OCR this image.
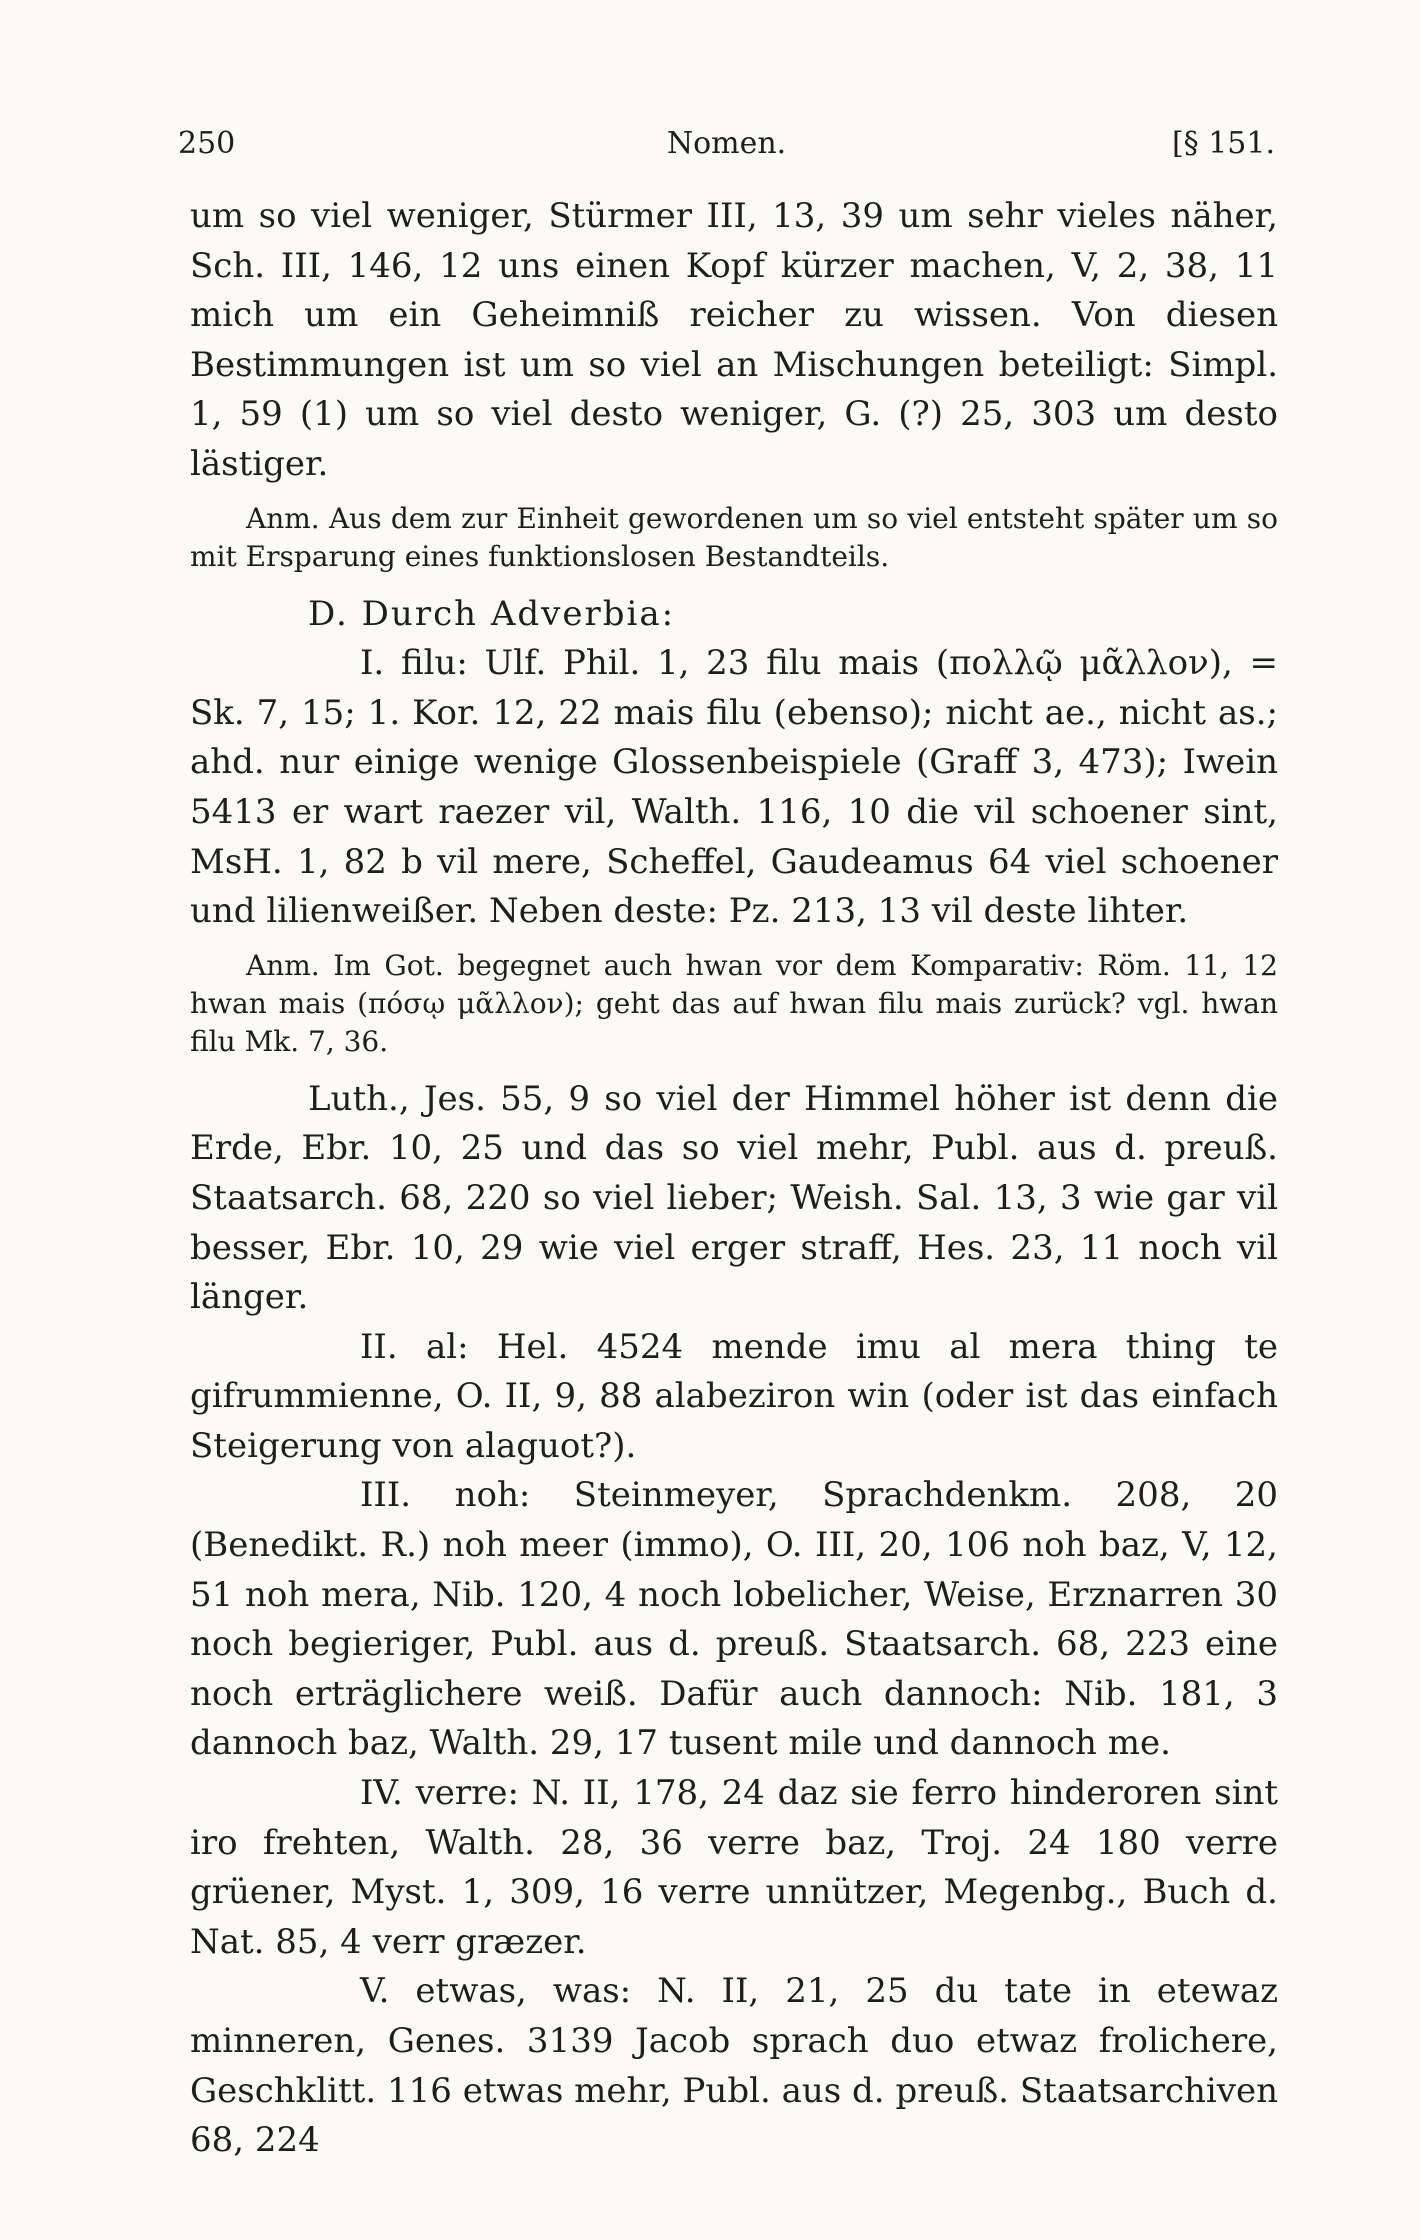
250	Nomen.	[§ 151.

um so viel weniger, Stürmer III, 13, 39 um sehr vieles näher, Sch. III, 146, 12 uns einen Kopf kürzer machen, V, 2, 38, 11 mich um ein Geheimniß reicher zu wissen. Von diesen Bestimmungen ist um so viel an Mischungen beteiligt: Simpl. 1, 59 (1) um so viel desto weniger, G. (?) 25, 303 um desto lästiger.

Anm. Aus dem zur Einheit gewordenen um so viel entsteht später um so mit Ersparung eines funktionslosen Bestandteils.

D. Durch Adverbia:

I. filu: Ulf. Phil. 1, 23 filu mais (πολλῷ μᾶλλον), = Sk. 7, 15; 1. Kor. 12, 22 mais filu (ebenso); nicht ae., nicht as.; ahd. nur einige wenige Glossenbeispiele (Graff 3, 473); Iwein 5413 er wart raezer vil, Walth. 116, 10 die vil schoener sint, MsH. 1, 82 b vil mere, Scheffel, Gaudeamus 64 viel schoener und lilienweißer. Neben deste: Pz. 213, 13 vil deste lihter.

Anm. Im Got. begegnet auch hwan vor dem Komparativ: Röm. 11, 12 hwan mais (πόσῳ μᾶλλον); geht das auf hwan filu mais zurück? vgl. hwan filu Mk. 7, 36.

Luth., Jes. 55, 9 so viel der Himmel höher ist denn die Erde, Ebr. 10, 25 und das so viel mehr, Publ. aus d. preuß. Staatsarch. 68, 220 so viel lieber; Weish. Sal. 13, 3 wie gar vil besser, Ebr. 10, 29 wie viel erger straff, Hes. 23, 11 noch vil länger.

II. al: Hel. 4524 mende imu al mera thing te gifrummienne, O. II, 9, 88 alabeziron win (oder ist das einfach Steigerung von alaguot?).

III. noh: Steinmeyer, Sprachdenkm. 208, 20 (Benedikt. R.) noh meer (immo), O. III, 20, 106 noh baz, V, 12, 51 noh mera, Nib. 120, 4 noch lobelicher, Weise, Erznarren 30 noch begieriger, Publ. aus d. preuß. Staatsarch. 68, 223 eine noch erträglichere weiß. Dafür auch dannoch: Nib. 181, 3 dannoch baz, Walth. 29, 17 tusent mile und dannoch me.

IV. verre: N. II, 178, 24 daz sie ferro hinderoren sint iro frehten, Walth. 28, 36 verre baz, Troj. 24 180 verre grüener, Myst. 1, 309, 16 verre unnützer, Megenbg., Buch d. Nat. 85, 4 verr græzer.

V. etwas, was: N. II, 21, 25 du tate in etewaz minneren, Genes. 3139 Jacob sprach duo etwaz frolichere, Geschklitt. 116 etwas mehr, Publ. aus d. preuß. Staatsarchiven 68, 224
